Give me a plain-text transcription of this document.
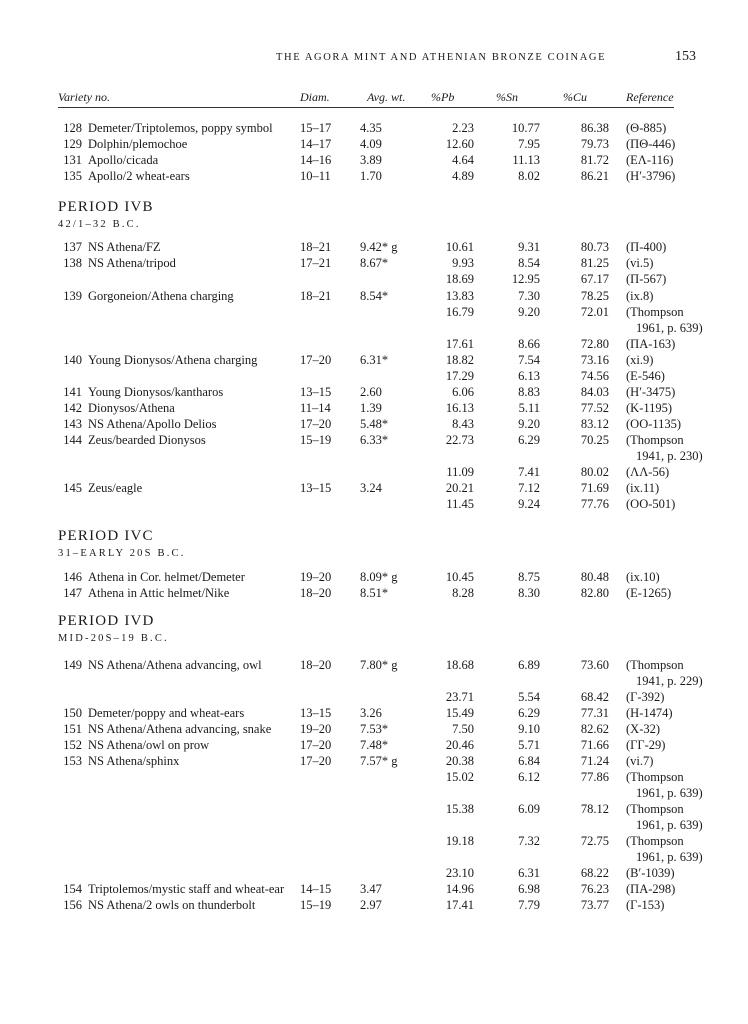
THE AGORA MINT AND ATHENIAN BRONZE COINAGE	153
Variety no.	Diam.	Avg. wt. %Pb	%Sn	%Cu	Reference
128 Demeter/Triptolemos, poppy symbol 15–17 4.35	2.23	10.77	86.38 (Θ-885)
129 Dolphin/plemochoe	14–17 4.09	12.60	7.95	79.73 (ΠΘ-446)
131 Apollo/cicada	14–16 3.89	4.64	11.13	81.72 (ΕΛ-116)
135 Apollo/2 wheat-ears	10–11 1.70	4.89	8.02	86.21 (Η′-3796)
PERIOD IVB
42/1–32 B.C.
137 NS Athena/FZ	18–21 9.42* g	10.61	9.31	80.73 (Π-400)
138 NS Athena/tripod	17–21 8.67*	9.93	8.54	81.25 (vi.5)
18.69	12.95	67.17 (Π-567)
139 Gorgoneion/Athena charging	18–21 8.54*	13.83	7.30	78.25 (ix.8)
16.79	9.20	72.01 (Thompson
1961, p. 639)
17.61	8.66	72.80 (ΠΑ-163)
140 Young Dionysos/Athena charging	17–20 6.31*	18.82	7.54	73.16 (xi.9)
17.29	6.13	74.56 (Ε-546)
141 Young Dionysos/kantharos	13–15 2.60	6.06	8.83	84.03 (Η′-3475)
142 Dionysos/Athena	11–14 1.39	16.13	5.11	77.52 (Κ-1195)
143 NS Athena/Apollo Delios	17–20 5.48*	8.43	9.20	83.12 (ΟΟ-1135)
144 Zeus/bearded Dionysos	15–19 6.33*	22.73	6.29	70.25 (Thompson
1941, p. 230)
11.09	7.41	80.02 (ΛΛ-56)
145 Zeus/eagle	13–15 3.24	20.21	7.12	71.69 (ix.11)
11.45	9.24	77.76 (ΟΟ-501)
PERIOD IVC
31–EARLY 20S B.C.
146 Athena in Cor. helmet/Demeter	19–20 8.09* g	10.45	8.75	80.48 (ix.10)
147 Athena in Attic helmet/Nike	18–20 8.51*	8.28	8.30	82.80 (Ε-1265)
PERIOD IVD
MID-20S–19 B.C.
149 NS Athena/Athena advancing, owl	18–20 7.80* g	18.68	6.89	73.60 (Thompson
1941, p. 229)
23.71	5.54	68.42 (Γ-392)
150 Demeter/poppy and wheat-ears	13–15 3.26	15.49	6.29	77.31 (Η-1474)
151 NS Athena/Athena advancing, snake 19–20 7.53*	7.50	9.10	82.62 (Χ-32)
152 NS Athena/owl on prow	17–20 7.48*	20.46	5.71	71.66 (ΓΓ-29)
153 NS Athena/sphinx	17–20 7.57* g	20.38	6.84	71.24 (vi.7)
15.02	6.12	77.86 (Thompson
1961, p. 639)
15.38	6.09	78.12 (Thompson
1961, p. 639)
19.18	7.32	72.75 (Thompson
1961, p. 639)
23.10	6.31	68.22 (Β′-1039)
154 Triptolemos/mystic staff and wheat-ear 14–15 3.47	14.96	6.98	76.23 (ΠΑ-298)
156 NS Athena/2 owls on thunderbolt	15–19 2.97	17.41	7.79	73.77 (Γ-153)
